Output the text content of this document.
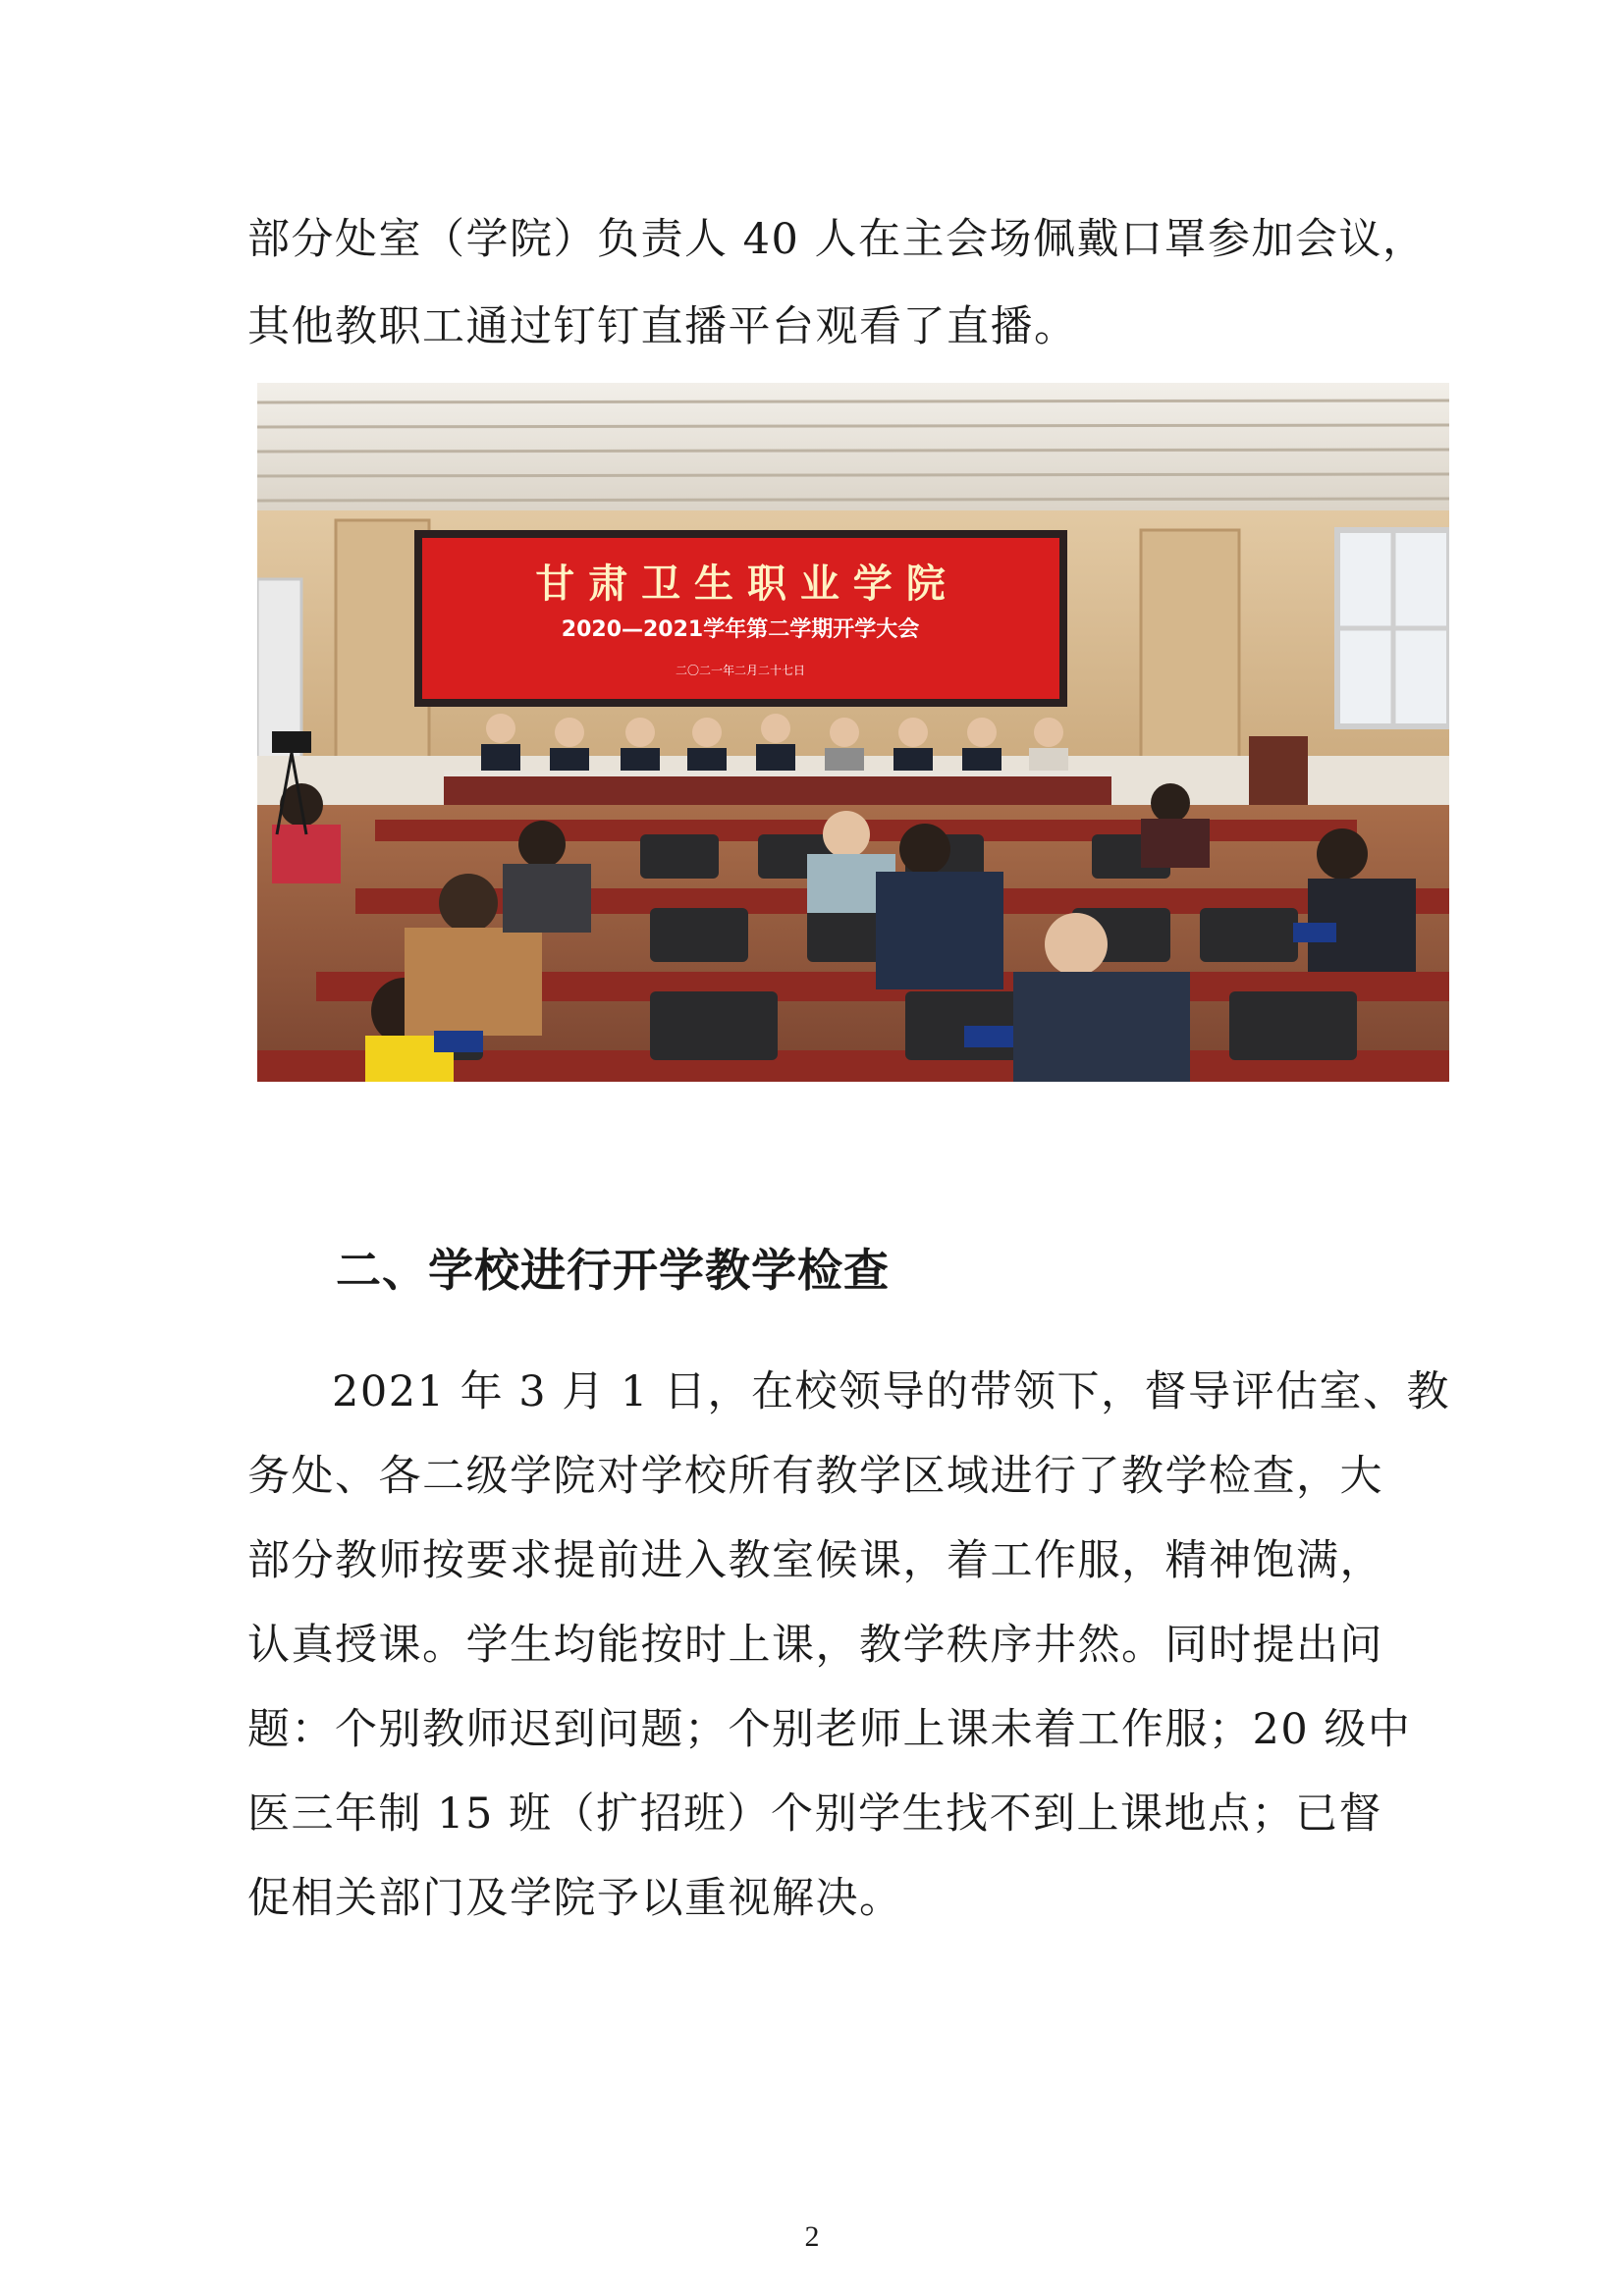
部分处室（学院）负责人 40 人在主会场佩戴口罩参加会议，
其他教职工通过钉钉直播平台观看了直播。
甘 肃 卫 生 职 业 学 院
2020—2021学年第二学期开学大会
二〇二一年二月二十七日
二、学校进行开学教学检查
2021 年 3 月 1 日，在校领导的带领下，督导评估室、教
务处、各二级学院对学校所有教学区域进行了教学检查，大
部分教师按要求提前进入教室候课，着工作服，精神饱满，
认真授课。学生均能按时上课，教学秩序井然。同时提出问
题：个别教师迟到问题；个别老师上课未着工作服；20 级中
医三年制 15 班（扩招班）个别学生找不到上课地点；已督
促相关部门及学院予以重视解决。
2
